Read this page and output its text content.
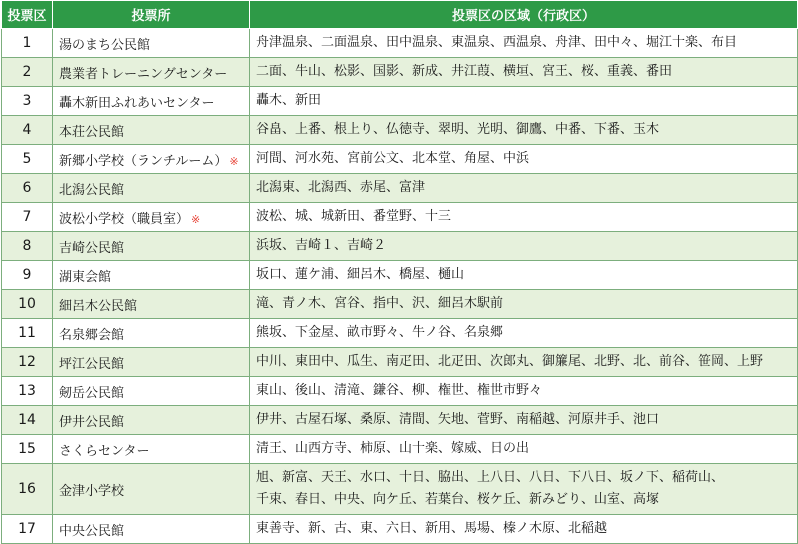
投票区	投票所	投票区の区域（行政区）
1	湯のまち公民館	舟津温泉、二面温泉、田中温泉、東温泉、西温泉、舟津、田中々、堀江十楽、布目

2	農業者トレーニングセンター	二面、牛山、松影、国影、新成、井江葭、横垣、宮王、桜、重義、番田

3	轟木新田ふれあいセンター	轟木、新田

4	本荘公民館	谷畠、上番、根上り、仏徳寺、翠明、光明、御鷹、中番、下番、玉木

5	新郷小学校（ランチルーム） ※	河間、河水苑、宮前公文、北本堂、角屋、中浜

6	北潟公民館	北潟東、北潟西、赤尾、富津

7	波松小学校（職員室） ※	波松、城、城新田、番堂野、十三

8	吉崎公民館	浜坂、吉崎１、吉崎２

9	湖東会館	坂口、蓮ケ浦、細呂木、橋屋、樋山

10	細呂木公民館	滝、青ノ木、宮谷、指中、沢、細呂木駅前

11	名泉郷会館	熊坂、下金屋、畝市野々、牛ノ谷、名泉郷

12	坪江公民館	中川、東田中、瓜生、南疋田、北疋田、次郎丸、御簾尾、北野、北、前谷、笹岡、上野

13	剱岳公民館	東山、後山、清滝、鎌谷、柳、権世、権世市野々

14	伊井公民館	伊井、古屋石塚、桑原、清間、矢地、菅野、南稲越、河原井手、池口

15	さくらセンター	清王、山西方寺、柿原、山十楽、嫁威、日の出

16	金津小学校	旭、新富、天王、水口、十日、脇出、上八日、八日、下八日、坂ノ下、稲荷山、
千束、春日、中央、向ケ丘、若葉台、桜ケ丘、新みどり、山室、高塚

17	中央公民館	東善寺、新、古、東、六日、新用、馬場、榛ノ木原、北稲越
